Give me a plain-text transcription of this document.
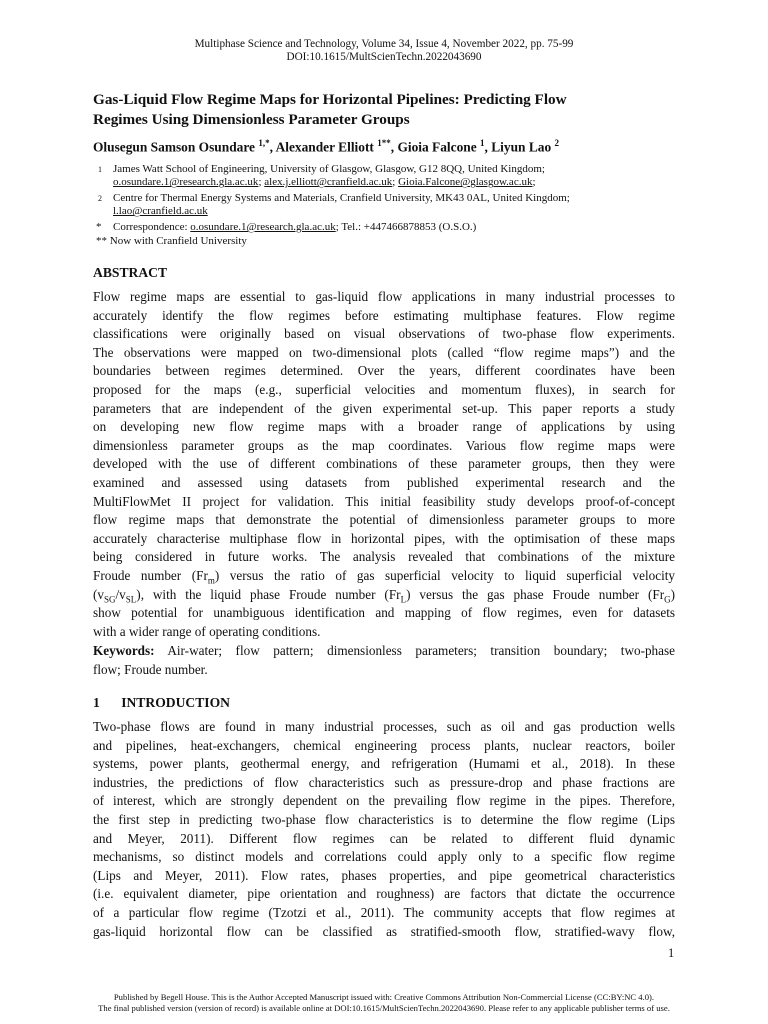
Multiphase Science and Technology, Volume 34, Issue 4, November 2022, pp. 75-99
DOI:10.1615/MultScienTechn.2022043690
Gas-Liquid Flow Regime Maps for Horizontal Pipelines: Predicting Flow
Regimes Using Dimensionless Parameter Groups
Olusegun Samson Osundare $^{1,*}$, Alexander Elliott $^{1**}$, Gioia Falcone $^1$, Liyun Lao $^2$
$^1$	James Watt School of Engineering, University of Glasgow, Glasgow, G12 8QQ, United Kingdom;
o.osundare.1@research.gla.ac.uk; alex.j.elliott@cranfield.ac.uk; Gioia.Falcone@glasgow.ac.uk;
$^2$	Centre for Thermal Energy Systems and Materials, Cranfield University, MK43 0AL, United Kingdom;
l.lao@cranfield.ac.uk
*	Correspondence: o.osundare.1@research.gla.ac.uk; Tel.: +447466878853 (O.S.O.)
** Now with Cranfield University
ABSTRACT
Flow regime maps are essential to gas-liquid flow applications in many industrial processes to
accurately identify the flow regimes before estimating multiphase features. Flow regime
classifications were originally based on visual observations of two-phase flow experiments.
The observations were mapped on two-dimensional plots (called “flow regime maps”) and the
boundaries between regimes determined. Over the years, different coordinates have been
proposed for the maps (e.g., superficial velocities and momentum fluxes), in search for
parameters that are independent of the given experimental set-up. This paper reports a study
on developing new flow regime maps with a broader range of applications by using
dimensionless parameter groups as the map coordinates. Various flow regime maps were
developed with the use of different combinations of these parameter groups, then they were
examined and assessed using datasets from published experimental research and the
MultiFlowMet II project for validation. This initial feasibility study develops proof-of-concept
flow regime maps that demonstrate the potential of dimensionless parameter groups to more
accurately characterise multiphase flow in horizontal pipes, with the optimisation of these maps
being considered in future works. The analysis revealed that combinations of the mixture
Froude number $(Fr_m)$ versus the ratio of gas superficial velocity to liquid superficial velocity
$(v_{SG}/v_{SL})$, with the liquid phase Froude number $(Fr_L)$ versus the gas phase Froude number $(Fr_G)$
show potential for unambiguous identification and mapping of flow regimes, even for datasets
with a wider range of operating conditions.
Keywords: Air-water; flow pattern; dimensionless parameters; transition boundary; two-phase
flow; Froude number.
1 INTRODUCTION
Two-phase flows are found in many industrial processes, such as oil and gas production wells
and pipelines, heat-exchangers, chemical engineering process plants, nuclear reactors, boiler
systems, power plants, geothermal energy, and refrigeration (Humami et al., 2018). In these
industries, the predictions of flow characteristics such as pressure-drop and phase fractions are
of interest, which are strongly dependent on the prevailing flow regime in the pipes. Therefore,
the first step in predicting two-phase flow characteristics is to determine the flow regime (Lips
and Meyer, 2011). Different flow regimes can be related to different fluid dynamic
mechanisms, so distinct models and correlations could apply only to a specific flow regime
(Lips and Meyer, 2011). Flow rates, phases properties, and pipe geometrical characteristics
(i.e. equivalent diameter, pipe orientation and roughness) are factors that dictate the occurrence
of a particular flow regime (Tzotzi et al., 2011). The community accepts that flow regimes at
gas-liquid horizontal flow can be classified as stratified-smooth flow, stratified-wavy flow,
1
Published by Begell House. This is the Author Accepted Manuscript issued with: Creative Commons Attribution Non-Commercial License (CC:BY:NC 4.0).
The final published version (version of record) is available online at DOI:10.1615/MultScienTechn.2022043690. Please refer to any applicable publisher terms of use.
